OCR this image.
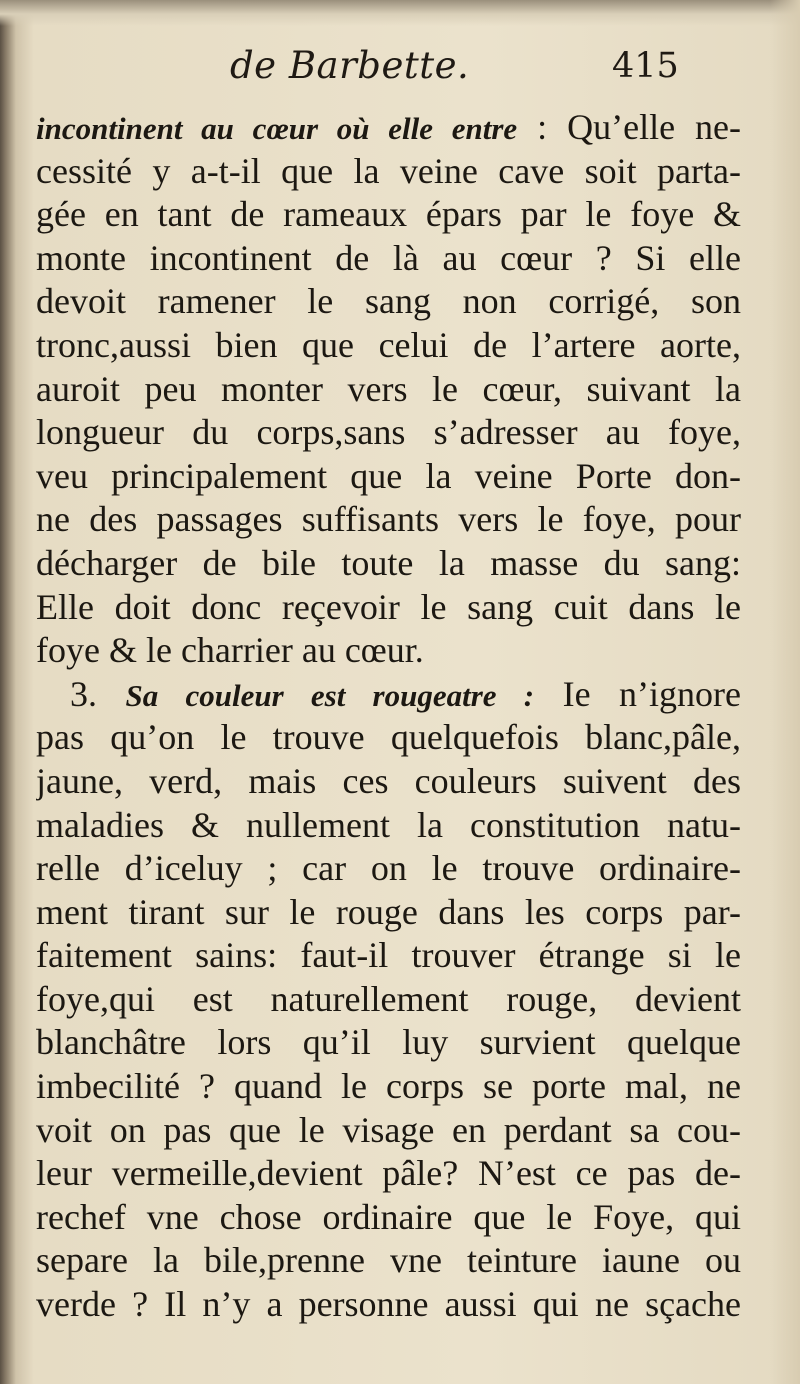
de Barbette.	415
incontinent au cœur où elle entre : Qu’elle ne-
cessité y a-t-il que la veine cave soit parta-
gée en tant de rameaux épars par le foye &
monte incontinent de là au cœur ? Si elle
devoit ramener le sang non corrigé, son
tronc,aussi bien que celui de l’artere aorte,
auroit peu monter vers le cœur, suivant la
longueur du corps,sans s’adresser au foye,
veu principalement que la veine Porte don-
ne des passages suffisants vers le foye, pour
décharger de bile toute la masse du sang:
Elle doit donc reçevoir le sang cuit dans le
foye & le charrier au cœur.
3. Sa couleur est rougeatre : Ie n’ignore
pas qu’on le trouve quelquefois blanc,pâle,
jaune, verd, mais ces couleurs suivent des
maladies & nullement la constitution natu-
relle d’iceluy ; car on le trouve ordinaire-
ment tirant sur le rouge dans les corps par-
faitement sains: faut-il trouver étrange si le
foye,qui est naturellement rouge, devient
blanchâtre lors qu’il luy survient quelque
imbecilité ? quand le corps se porte mal, ne
voit on pas que le visage en perdant sa cou-
leur vermeille,devient pâle? N’est ce pas de-
rechef vne chose ordinaire que le Foye, qui
separe la bile,prenne vne teinture iaune ou
verde ? Il n’y a personne aussi qui ne sçache
